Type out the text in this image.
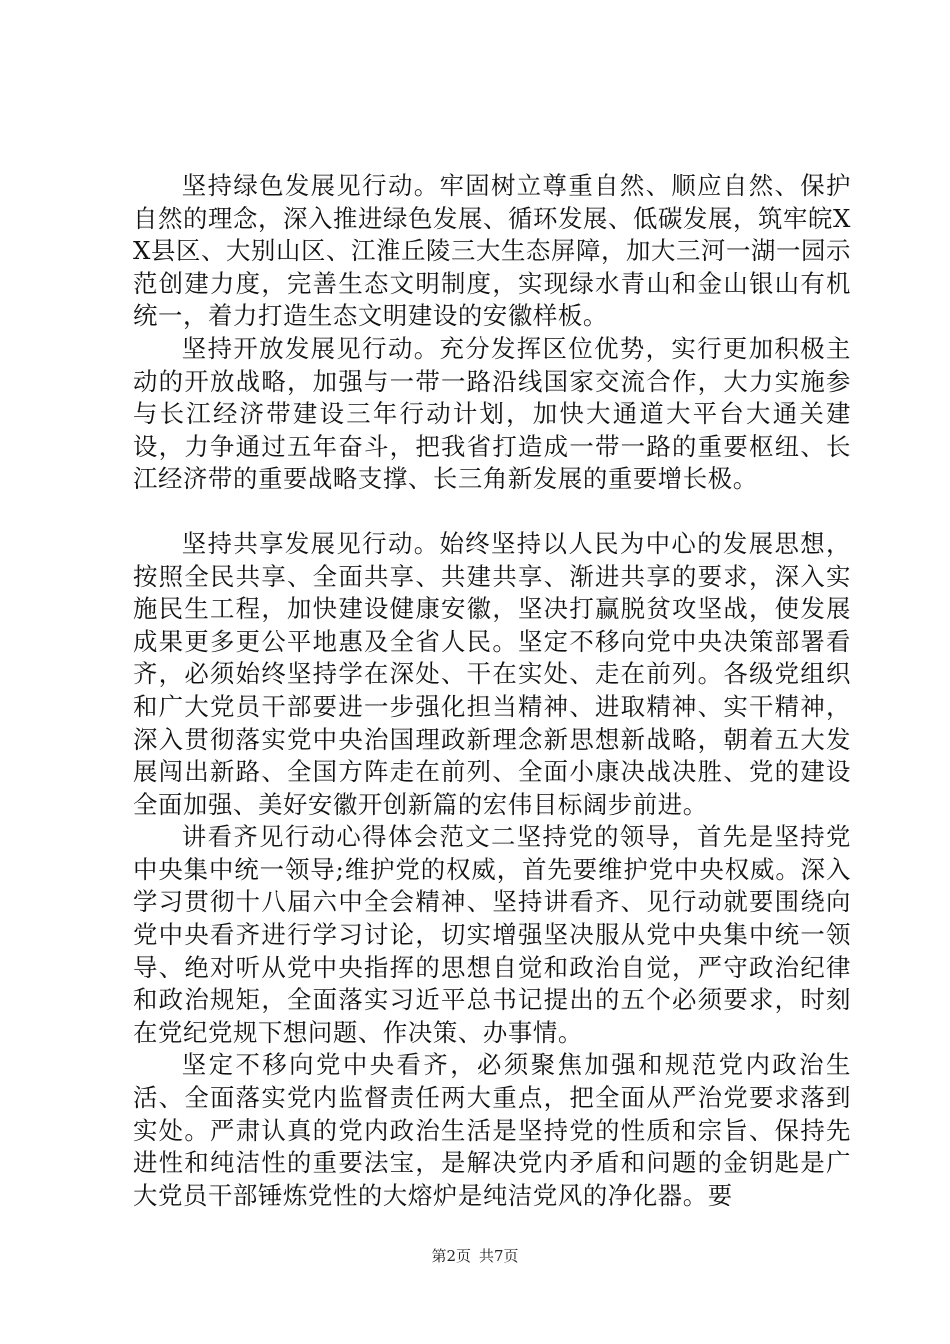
坚持绿色发展见行动。牢固树立尊重自然、顺应自然、保护自然的理念，深入推进绿色发展、循环发展、低碳发展，筑牢皖XX县区、大别山区、江淮丘陵三大生态屏障，加大三河一湖一园示范创建力度，完善生态文明制度，实现绿水青山和金山银山有机统一，着力打造生态文明建设的安徽样板。

坚持开放发展见行动。充分发挥区位优势，实行更加积极主动的开放战略，加强与一带一路沿线国家交流合作，大力实施参与长江经济带建设三年行动计划，加快大通道大平台大通关建设，力争通过五年奋斗，把我省打造成一带一路的重要枢纽、长江经济带的重要战略支撑、长三角新发展的重要增长极。

坚持共享发展见行动。始终坚持以人民为中心的发展思想，按照全民共享、全面共享、共建共享、渐进共享的要求，深入实施民生工程，加快建设健康安徽，坚决打赢脱贫攻坚战，使发展成果更多更公平地惠及全省人民。坚定不移向党中央决策部署看齐，必须始终坚持学在深处、干在实处、走在前列。各级党组织和广大党员干部要进一步强化担当精神、进取精神、实干精神，深入贯彻落实党中央治国理政新理念新思想新战略，朝着五大发展闯出新路、全国方阵走在前列、全面小康决战决胜、党的建设全面加强、美好安徽开创新篇的宏伟目标阔步前进。

讲看齐见行动心得体会范文二坚持党的领导，首先是坚持党中央集中统一领导;维护党的权威，首先要维护党中央权威。深入学习贯彻十八届六中全会精神、坚持讲看齐、见行动就要围绕向党中央看齐进行学习讨论，切实增强坚决服从党中央集中统一领导、绝对听从党中央指挥的思想自觉和政治自觉，严守政治纪律和政治规矩，全面落实习近平总书记提出的五个必须要求，时刻在党纪党规下想问题、作决策、办事情。

坚定不移向党中央看齐，必须聚焦加强和规范党内政治生活、全面落实党内监督责任两大重点，把全面从严治党要求落到实处。严肃认真的党内政治生活是坚持党的性质和宗旨、保持先进性和纯洁性的重要法宝，是解决党内矛盾和问题的金钥匙是广大党员干部锤炼党性的大熔炉是纯洁党风的净化器。要

第2页 共7页
